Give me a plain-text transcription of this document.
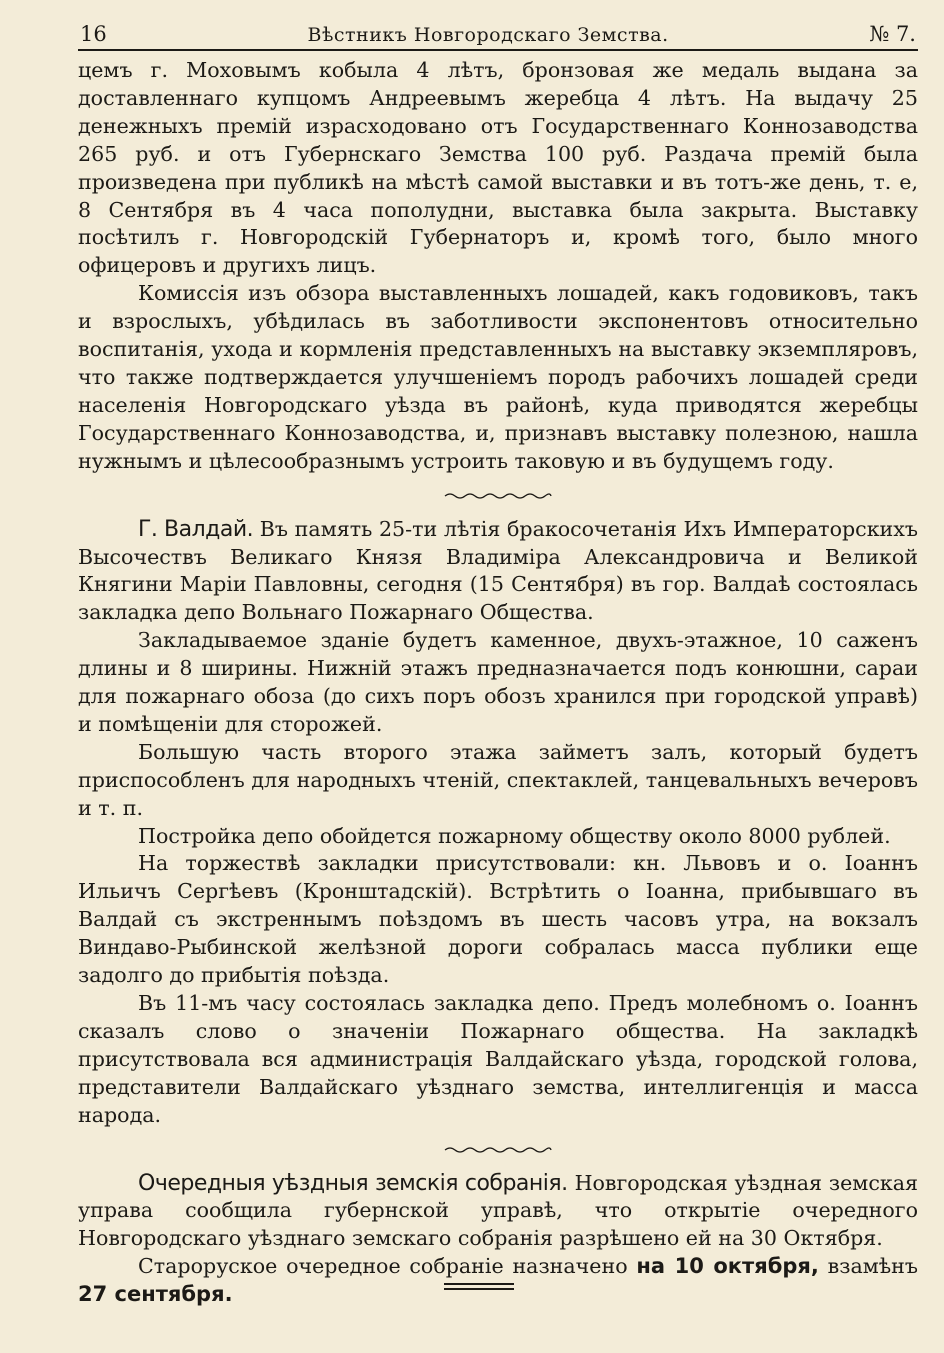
16	Вѣстникъ Новгородскаго Земства.	№ 7.

цемъ г. Моховымъ кобыла 4 лѣтъ, бронзовая же медаль выдана за доставленнаго купцомъ Андреевымъ жеребца 4 лѣтъ. На выдачу 25 денежныхъ премій израсходовано отъ Государственнаго Коннозаводства 265 руб. и отъ Губернскаго Земства 100 руб. Раздача премій была произведена при публикѣ на мѣстѣ самой выставки и въ тотъ-же день, т. е, 8 Сентября въ 4 часа пополудни, выставка была закрыта. Выставку посѣтилъ г. Новгородскій Губернаторъ и, кромѣ того, было много офицеровъ и другихъ лицъ.

Комиссія изъ обзора выставленныхъ лошадей, какъ годовиковъ, такъ и взрослыхъ, убѣдилась въ заботливости экспонентовъ относительно воспитанія, ухода и кормленія представленныхъ на выставку экземпляровъ, что также подтверждается улучшеніемъ породъ рабочихъ лошадей среди населенія Новгородскаго уѣзда въ районѣ, куда приводятся жеребцы Государственнаго Коннозаводства, и, признавъ выставку полезною, нашла нужнымъ и цѣлесообразнымъ устроить таковую и въ будущемъ году.

Г. Валдай. Въ память 25-ти лѣтія бракосочетанія Ихъ Императорскихъ Высочествъ Великаго Князя Владиміра Александровича и Великой Княгини Маріи Павловны, сегодня (15 Сентября) въ гор. Валдаѣ состоялась закладка депо Вольнаго Пожарнаго Общества.

Закладываемое зданіе будетъ каменное, двухъ-этажное, 10 саженъ длины и 8 ширины. Нижній этажъ предназначается подъ конюшни, сараи для пожарнаго обоза (до сихъ поръ обозъ хранился при городской управѣ) и помѣщеніи для сторожей.

Большую часть второго этажа займетъ залъ, который будетъ приспособленъ для народныхъ чтеній, спектаклей, танцевальныхъ вечеровъ и т. п.

Постройка депо обойдется пожарному обществу около 8000 рублей.

На торжествѣ закладки присутствовали: кн. Львовъ и о. Іоаннъ Ильичъ Сергѣевъ (Кронштадскій). Встрѣтить о Іоанна, прибывшаго въ Валдай съ экстреннымъ поѣздомъ въ шесть часовъ утра, на вокзалъ Виндаво-Рыбинской желѣзной дороги собралась масса публики еще задолго до прибытія поѣзда.

Въ 11-мъ часу состоялась закладка депо. Предъ молебномъ о. Іоаннъ сказалъ слово о значеніи Пожарнаго общества. На закладкѣ присутствовала вся администрація Валдайскаго уѣзда, городской голова, представители Валдайскаго уѣзднаго земства, интеллигенція и масса народа.

Очередныя уѣздныя земскія собранія. Новгородская уѣздная земская управа сообщила губернской управѣ, что открытіе очередного Новгородскаго уѣзднаго земскаго собранія разрѣшено ей на 30 Октября.

Староруское очередное собраніе назначено на 10 октября, взамѣнъ 27 сентября.
